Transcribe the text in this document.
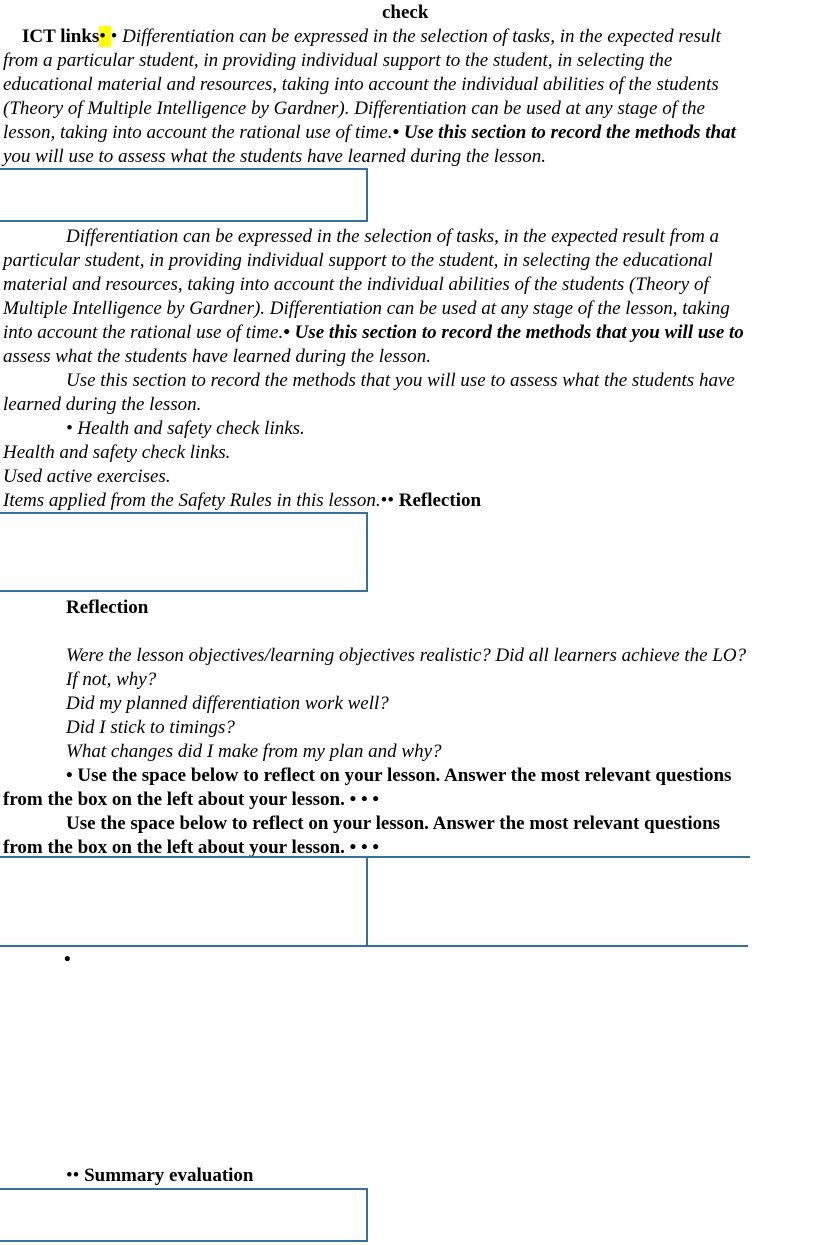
check
ICT links• • Differentiation can be expressed in the selection of tasks, in the expected result
from a particular student, in providing individual support to the student, in selecting the
educational material and resources, taking into account the individual abilities of the students
(Theory of Multiple Intelligence by Gardner). Differentiation can be used at any stage of the
lesson, taking into account the rational use of time.• Use this section to record the methods that
you will use to assess what the students have learned during the lesson.
Differentiation can be expressed in the selection of tasks, in the expected result from a
particular student, in providing individual support to the student, in selecting the educational
material and resources, taking into account the individual abilities of the students (Theory of
Multiple Intelligence by Gardner). Differentiation can be used at any stage of the lesson, taking
into account the rational use of time.• Use this section to record the methods that you will use to
assess what the students have learned during the lesson.
Use this section to record the methods that you will use to assess what the students have
learned during the lesson.
• Health and safety check links.
Health and safety check links.
Used active exercises.
Items applied from the Safety Rules in this lesson.•• Reflection
Reflection
Were the lesson objectives/learning objectives realistic? Did all learners achieve the LO?
If not, why?
Did my planned differentiation work well?
Did I stick to timings?
What changes did I make from my plan and why?
• Use the space below to reflect on your lesson. Answer the most relevant questions
from the box on the left about your lesson. • • •
Use the space below to reflect on your lesson. Answer the most relevant questions
from the box on the left about your lesson. • • •
•
•• Summary evaluation
